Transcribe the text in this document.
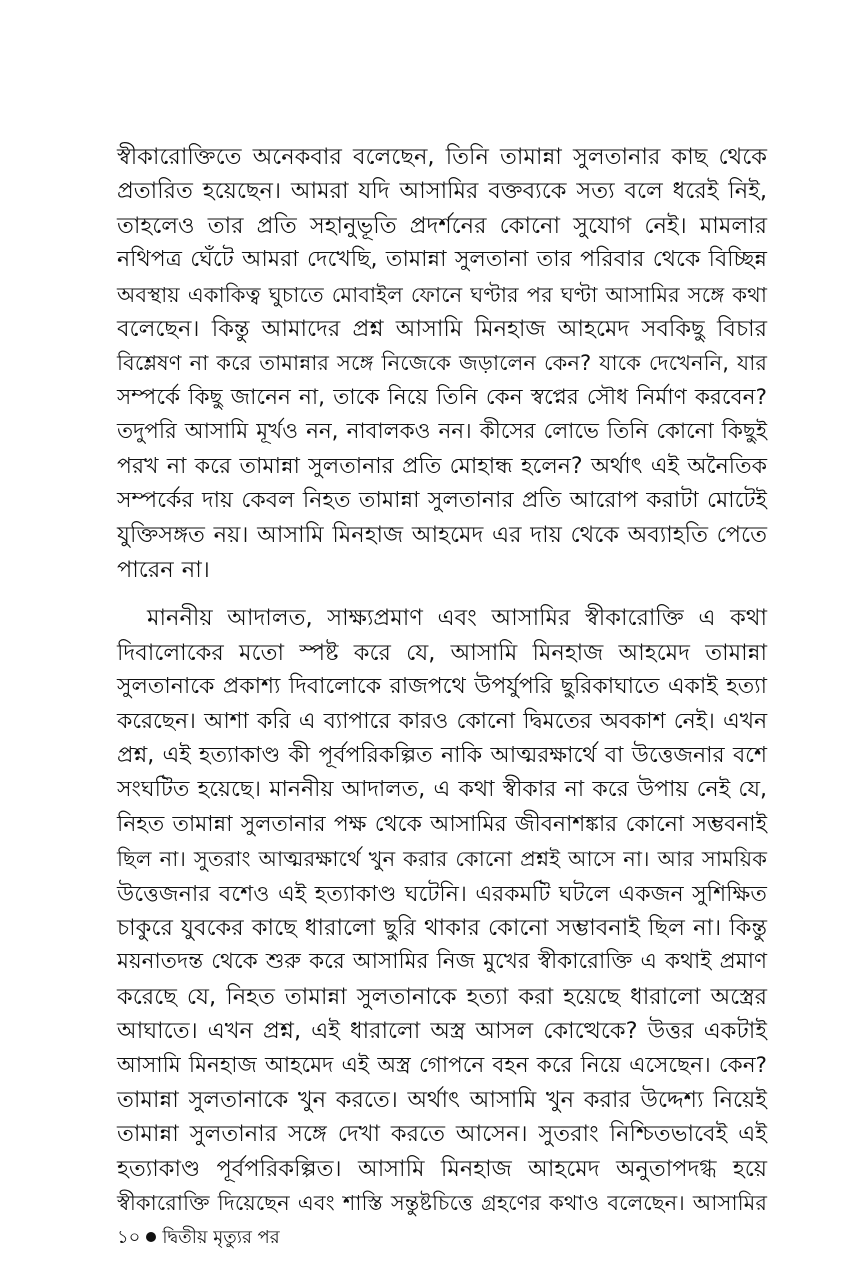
স্বীকারোক্তিতে অনেকবার বলেছেন, তিনি তামান্না সুলতানার কাছ থেকে
প্রতারিত হয়েছেন। আমরা যদি আসামির বক্তব্যকে সত্য বলে ধরেই নিই,
তাহলেও তার প্রতি সহানুভূতি প্রদর্শনের কোনো সুযোগ নেই। মামলার
নথিপত্র ঘেঁটে আমরা দেখেছি, তামান্না সুলতানা তার পরিবার থেকে বিচ্ছিন্ন
অবস্থায় একাকিত্ব ঘুচাতে মোবাইল ফোনে ঘণ্টার পর ঘণ্টা আসামির সঙ্গে কথা
বলেছেন। কিন্তু আমাদের প্রশ্ন আসামি মিনহাজ আহমেদ সবকিছু বিচার
বিশ্লেষণ না করে তামান্নার সঙ্গে নিজেকে জড়ালেন কেন? যাকে দেখেননি, যার
সম্পর্কে কিছু জানেন না, তাকে নিয়ে তিনি কেন স্বপ্নের সৌধ নির্মাণ করবেন?
তদুপরি আসামি মূর্খও নন, নাবালকও নন। কীসের লোভে তিনি কোনো কিছুই
পরখ না করে তামান্না সুলতানার প্রতি মোহান্ধ হলেন? অর্থাৎ এই অনৈতিক
সম্পর্কের দায় কেবল নিহত তামান্না সুলতানার প্রতি আরোপ করাটা মোটেই
যুক্তিসঙ্গত নয়। আসামি মিনহাজ আহমেদ এর দায় থেকে অব্যাহতি পেতে
পারেন না।

মাননীয় আদালত, সাক্ষ্যপ্রমাণ এবং আসামির স্বীকারোক্তি এ কথা
দিবালোকের মতো স্পষ্ট করে যে, আসামি মিনহাজ আহমেদ তামান্না
সুলতানাকে প্রকাশ্য দিবালোকে রাজপথে উপর্যুপরি ছুরিকাঘাতে একাই হত্যা
করেছেন। আশা করি এ ব্যাপারে কারও কোনো দ্বিমতের অবকাশ নেই। এখন
প্রশ্ন, এই হত্যাকাণ্ড কী পূর্বপরিকল্পিত নাকি আত্মরক্ষার্থে বা উত্তেজনার বশে
সংঘটিত হয়েছে। মাননীয় আদালত, এ কথা স্বীকার না করে উপায় নেই যে,
নিহত তামান্না সুলতানার পক্ষ থেকে আসামির জীবনাশঙ্কার কোনো সম্ভবনাই
ছিল না। সুতরাং আত্মরক্ষার্থে খুন করার কোনো প্রশ্নই আসে না। আর সাময়িক
উত্তেজনার বশেও এই হত্যাকাণ্ড ঘটেনি। এরকমটি ঘটলে একজন সুশিক্ষিত
চাকুরে যুবকের কাছে ধারালো ছুরি থাকার কোনো সম্ভাবনাই ছিল না। কিন্তু
ময়নাতদন্ত থেকে শুরু করে আসামির নিজ মুখের স্বীকারোক্তি এ কথাই প্রমাণ
করেছে যে, নিহত তামান্না সুলতানাকে হত্যা করা হয়েছে ধারালো অস্ত্রের
আঘাতে। এখন প্রশ্ন, এই ধারালো অস্ত্র আসল কোত্থেকে? উত্তর একটাই
আসামি মিনহাজ আহমেদ এই অস্ত্র গোপনে বহন করে নিয়ে এসেছেন। কেন?
তামান্না সুলতানাকে খুন করতে। অর্থাৎ আসামি খুন করার উদ্দেশ্য নিয়েই
তামান্না সুলতানার সঙ্গে দেখা করতে আসেন। সুতরাং নিশ্চিতভাবেই এই
হত্যাকাণ্ড পূর্বপরিকল্পিত। আসামি মিনহাজ আহমেদ অনুতাপদগ্ধ হয়ে
স্বীকারোক্তি দিয়েছেন এবং শাস্তি সন্তুষ্টচিত্তে গ্রহণের কথাও বলেছেন। আসামির

১০ দ্বিতীয় মৃত্যুর পর
